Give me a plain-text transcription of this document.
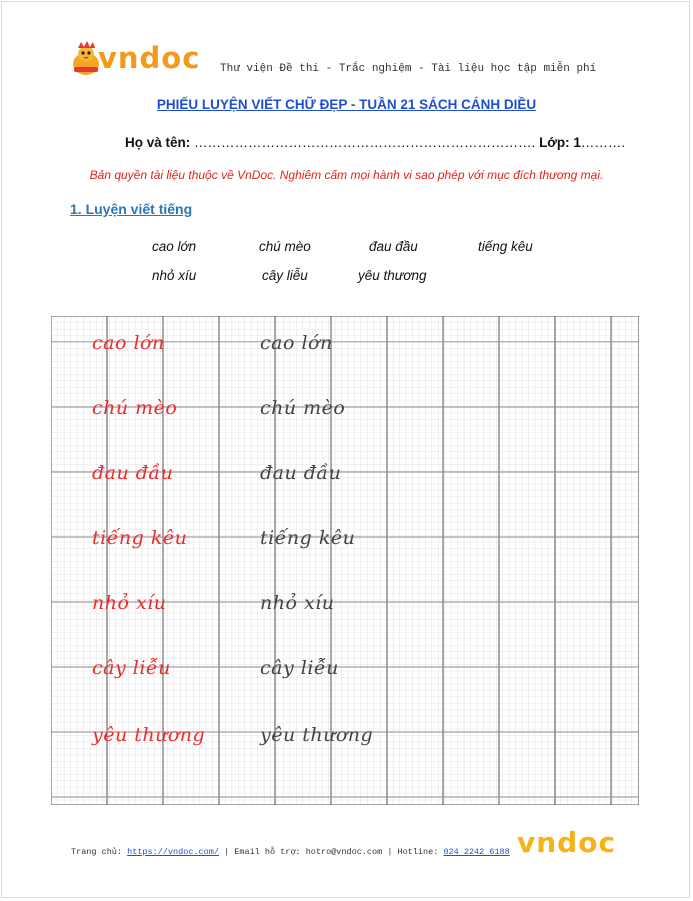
vndoc Thư viện Đề thi - Trắc nghiệm - Tài liệu học tập miễn phí
PHIẾU LUYỆN VIẾT CHỮ ĐẸP - TUẦN 21 SÁCH CÁNH DIỀU
Họ và tên: …………………………………………………………………. Lớp: 1……….
Bản quyền tài liệu thuộc về VnDoc. Nghiêm cấm mọi hành vi sao phép với mục đích thương mại.
1. Luyện viết tiếng
cao lớn	chú mèo	đau đầu	tiếng kêu
nhỏ xíu	cây liễu	yêu thương
cao lớn
chú mèo
đau đầu
tiếng kêu
nhỏ xíu
cây liễu
yêu thương
cao lớn
chú mèo
đau đầu
tiếng kêu
nhỏ xíu
cây liễu
yêu thương
Trang chủ: https://vndoc.com/ | Email hỗ trợ: hotro@vndoc.com | Hotline: 024 2242 6188 vndoc
